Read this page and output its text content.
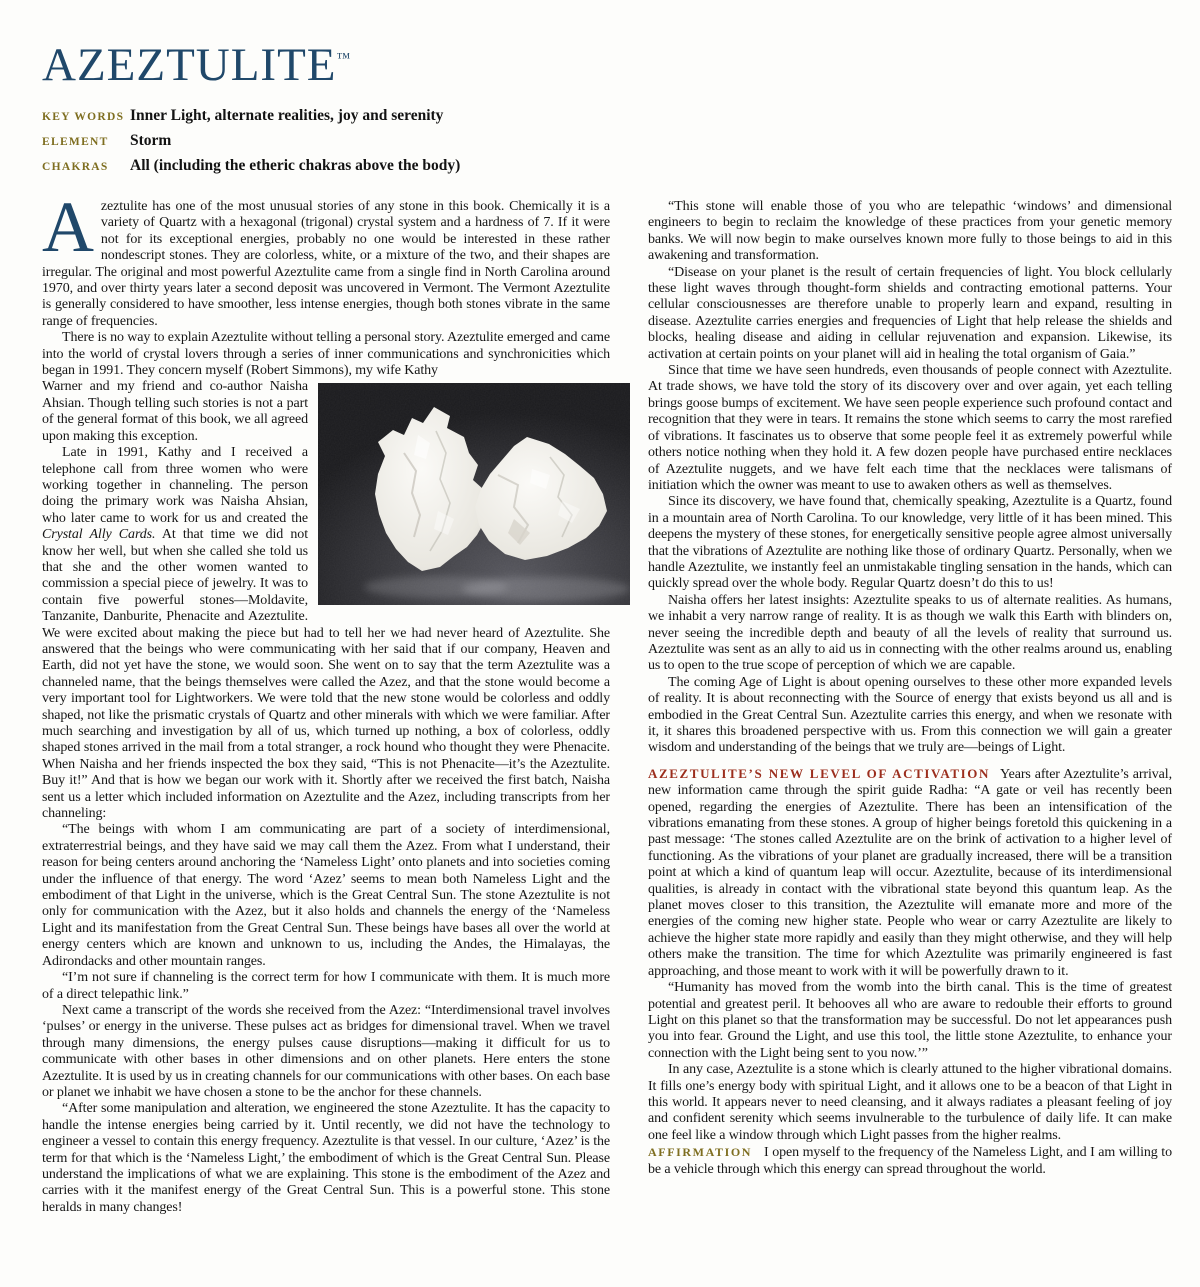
AZEZTULITE™
KEY WORDS Inner Light, alternate realities, joy and serenity
ELEMENT	Storm
CHAKRAS	All (including the etheric chakras above the body)

Azeztulite has one of the most unusual stories of any stone in this book. Chemically it is a variety of Quartz with a hexagonal (trigonal) crystal system and a hardness of 7. If it were not for its exceptional energies, probably no one would be interested in these rather nondescript stones. They are colorless, white, or a mixture of the two, and their shapes are irregular. The original and most powerful Azeztulite came from a single find in North Carolina around 1970, and over thirty years later a second deposit was uncovered in Vermont. The Vermont Azeztulite is generally considered to have smoother, less intense energies, though both stones vibrate in the same range of frequencies.

There is no way to explain Azeztulite without telling a personal story. Azeztulite emerged and came into the world of crystal lovers through a series of inner communications and synchronicities which began in 1991. They concern myself (Robert Simmons), my wife Kathy

Warner and my friend and co-author Naisha Ahsian. Though telling such stories is not a part of the general format of this book, we all agreed upon making this exception.

Late in 1991, Kathy and I received a telephone call from three women who were working together in channeling. The person doing the primary work was Naisha Ahsian, who later came to work for us and created the Crystal Ally Cards. At that time we did not know her well, but when she called she told us that she and the other women wanted to commission a special piece of jewelry. It was to contain five powerful stones—Moldavite, Tanzanite, Danburite, Phenacite and Azeztulite. We were excited about making the piece but had to tell her we had never heard of Azeztulite. She answered that the beings who were communicating with her said that if our company, Heaven and Earth, did not yet have the stone, we would soon. She went on to say that the term Azeztulite was a channeled name, that the beings themselves were called the Azez, and that the stone would become a very important tool for Lightworkers. We were told that the new stone would be colorless and oddly shaped, not like the prismatic crystals of Quartz and other minerals with which we were familiar. After much searching and investigation by all of us, which turned up nothing, a box of colorless, oddly shaped stones arrived in the mail from a total stranger, a rock hound who thought they were Phenacite. When Naisha and her friends inspected the box they said, “This is not Phenacite—it’s the Azeztulite. Buy it!” And that is how we began our work with it. Shortly after we received the first batch, Naisha sent us a letter which included information on Azeztulite and the Azez, including transcripts from her channeling:

“The beings with whom I am communicating are part of a society of interdimensional, extraterrestrial beings, and they have said we may call them the Azez. From what I understand, their reason for being centers around anchoring the ‘Nameless Light’ onto planets and into societies coming under the influence of that energy. The word ‘Azez’ seems to mean both Nameless Light and the embodiment of that Light in the universe, which is the Great Central Sun. The stone Azeztulite is not only for communication with the Azez, but it also holds and channels the energy of the ‘Nameless Light and its manifestation from the Great Central Sun. These beings have bases all over the world at energy centers which are known and unknown to us, including the Andes, the Himalayas, the Adirondacks and other mountain ranges.

“I’m not sure if channeling is the correct term for how I communicate with them. It is much more of a direct telepathic link.”

Next came a transcript of the words she received from the Azez: “Interdimensional travel involves ‘pulses’ or energy in the universe. These pulses act as bridges for dimensional travel. When we travel through many dimensions, the energy pulses cause disruptions—making it difficult for us to communicate with other bases in other dimensions and on other planets. Here enters the stone Azeztulite. It is used by us in creating channels for our communications with other bases. On each base or planet we inhabit we have chosen a stone to be the anchor for these channels.

“After some manipulation and alteration, we engineered the stone Azeztulite. It has the capacity to handle the intense energies being carried by it. Until recently, we did not have the technology to engineer a vessel to contain this energy frequency. Azeztulite is that vessel. In our culture, ‘Azez’ is the term for that which is the ‘Nameless Light,’ the embodiment of which is the Great Central Sun. Please understand the implications of what we are explaining. This stone is the embodiment of the Azez and carries with it the manifest energy of the Great Central Sun. This is a powerful stone. This stone heralds in many changes!

“This stone will enable those of you who are telepathic ‘windows’ and dimensional engineers to begin to reclaim the knowledge of these practices from your genetic memory banks. We will now begin to make ourselves known more fully to those beings to aid in this awakening and transformation.

“Disease on your planet is the result of certain frequencies of light. You block cellularly these light waves through thought-form shields and contracting emotional patterns. Your cellular consciousnesses are therefore unable to properly learn and expand, resulting in disease. Azeztulite carries energies and frequencies of Light that help release the shields and blocks, healing disease and aiding in cellular rejuvenation and expansion. Likewise, its activation at certain points on your planet will aid in healing the total organism of Gaia.”

Since that time we have seen hundreds, even thousands of people connect with Azeztulite. At trade shows, we have told the story of its discovery over and over again, yet each telling brings goose bumps of excitement. We have seen people experience such profound contact and recognition that they were in tears. It remains the stone which seems to carry the most rarefied of vibrations. It fascinates us to observe that some people feel it as extremely powerful while others notice nothing when they hold it. A few dozen people have purchased entire necklaces of Azeztulite nuggets, and we have felt each time that the necklaces were talismans of initiation which the owner was meant to use to awaken others as well as themselves.

Since its discovery, we have found that, chemically speaking, Azeztulite is a Quartz, found in a mountain area of North Carolina. To our knowledge, very little of it has been mined. This deepens the mystery of these stones, for energetically sensitive people agree almost universally that the vibrations of Azeztulite are nothing like those of ordinary Quartz. Personally, when we handle Azeztulite, we instantly feel an unmistakable tingling sensation in the hands, which can quickly spread over the whole body. Regular Quartz doesn’t do this to us!

Naisha offers her latest insights: Azeztulite speaks to us of alternate realities. As humans, we inhabit a very narrow range of reality. It is as though we walk this Earth with blinders on, never seeing the incredible depth and beauty of all the levels of reality that surround us. Azeztulite was sent as an ally to aid us in connecting with the other realms around us, enabling us to open to the true scope of perception of which we are capable.

The coming Age of Light is about opening ourselves to these other more expanded levels of reality. It is about reconnecting with the Source of energy that exists beyond us all and is embodied in the Great Central Sun. Azeztulite carries this energy, and when we resonate with it, it shares this broadened perspective with us. From this connection we will gain a greater wisdom and understanding of the beings that we truly are—beings of Light.

AZEZTULITE’S NEW LEVEL OF ACTIVATION Years after Azeztulite’s arrival, new information came through the spirit guide Radha: “A gate or veil has recently been opened, regarding the energies of Azeztulite. There has been an intensification of the vibrations emanating from these stones. A group of higher beings foretold this quickening in a past message: ‘The stones called Azeztulite are on the brink of activation to a higher level of functioning. As the vibrations of your planet are gradually increased, there will be a transition point at which a kind of quantum leap will occur. Azeztulite, because of its interdimensional qualities, is already in contact with the vibrational state beyond this quantum leap. As the planet moves closer to this transition, the Azeztulite will emanate more and more of the energies of the coming new higher state. People who wear or carry Azeztulite are likely to achieve the higher state more rapidly and easily than they might otherwise, and they will help others make the transition. The time for which Azeztulite was primarily engineered is fast approaching, and those meant to work with it will be powerfully drawn to it.

“Humanity has moved from the womb into the birth canal. This is the time of greatest potential and greatest peril. It behooves all who are aware to redouble their efforts to ground Light on this planet so that the transformation may be successful. Do not let appearances push you into fear. Ground the Light, and use this tool, the little stone Azeztulite, to enhance your connection with the Light being sent to you now.’”

In any case, Azeztulite is a stone which is clearly attuned to the higher vibrational domains. It fills one’s energy body with spiritual Light, and it allows one to be a beacon of that Light in this world. It appears never to need cleansing, and it always radiates a pleasant feeling of joy and confident serenity which seems invulnerable to the turbulence of daily life. It can make one feel like a window through which Light passes from the higher realms.

AFFIRMATION I open myself to the frequency of the Nameless Light, and I am willing to be a vehicle through which this energy can spread throughout the world.
